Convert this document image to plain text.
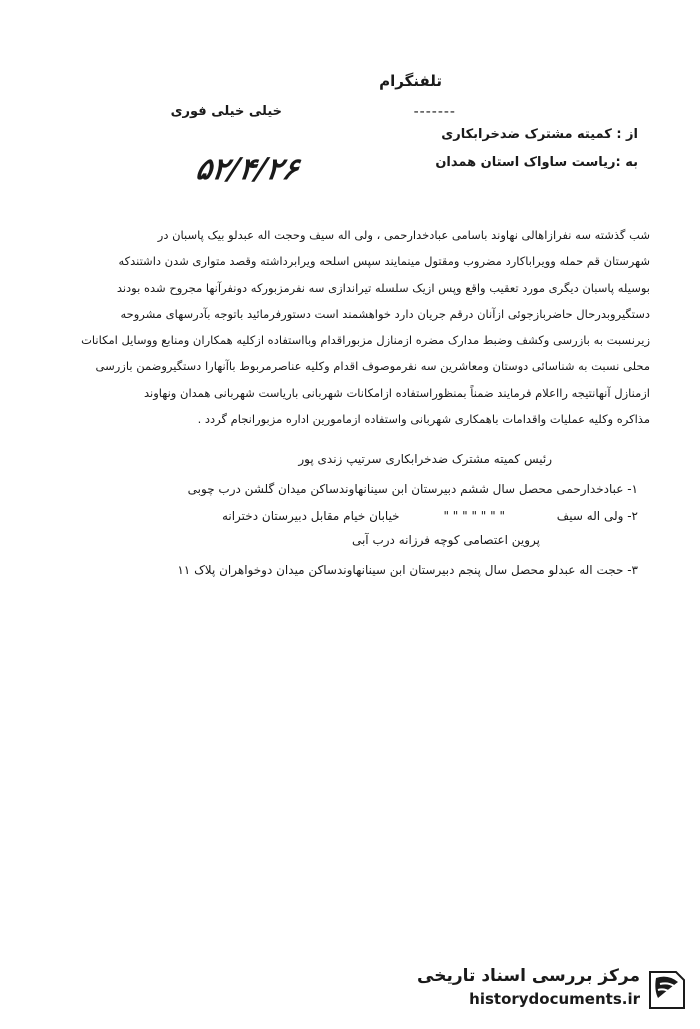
تلفنگرام
-------
خیلی خیلی فوری
از : کمیته مشترک ضدخرابکاری
به :ریاست ساواک استان همدان
۵۲/۴/۲۶
شب گذشته سه نفرازاهالی نهاوند باسامی عبادخدارحمی ، ولی اله سیف وحجت اله عبدلو بیک پاسبان در
شهرستان قم حمله وویراباکارد مضروب ومقتول مینمایند سپس اسلحه ویرابرداشته وقصد متواری شدن داشتندکه
بوسیله پاسبان دیگری مورد تعقیب واقع وپس ازیک سلسله تیراندازی سه نفرمزبورکه دونفرآنها مجروح شده بودند
دستگیروبدرحال حاضربازجوئی ازآنان درقم جریان دارد خواهشمند است دستورفرمائید باتوجه بآدرسهای مشروحه
زیرنسبت به بازرسی وکشف وضبط مدارک مضره ازمنازل مزبوراقدام وبااستفاده ازکلیه همکاران ومنابع ووسایل امکانات
محلی نسبت به شناسائی دوستان ومعاشرین سه نفرموصوف اقدام وکلیه عناصرمربوط باآنهارا دستگیروضمن بازرسی
ازمنازل آنهانتیجه رااعلام فرمایند ضمناً بمنظوراستفاده ازامکانات شهربانی باریاست شهربانی همدان ونهاوند
مذاکره وکلیه عملیات واقدامات باهمکاری شهربانی واستفاده ازمامورین اداره مزبورانجام گردد .
رئیس کمیته مشترک ضدخرابکاری سرتیپ زندی پور
۱- عبادخدارحمی محصل سال ششم دبیرستان ابن سینانهاوندساکن میدان گلشن درب چوبی
۲- ولی اله سیف " " " " " " " خیابان خیام مقابل دبیرستان دخترانه
پروین اعتصامی کوچه فرزانه درب آبی
۳- حجت اله عبدلو محصل سال پنجم دبیرستان ابن سینانهاوندساکن میدان دوخواهران پلاک ۱۱
مرکز بررسی اسناد تاریخی
historydocuments.ir
